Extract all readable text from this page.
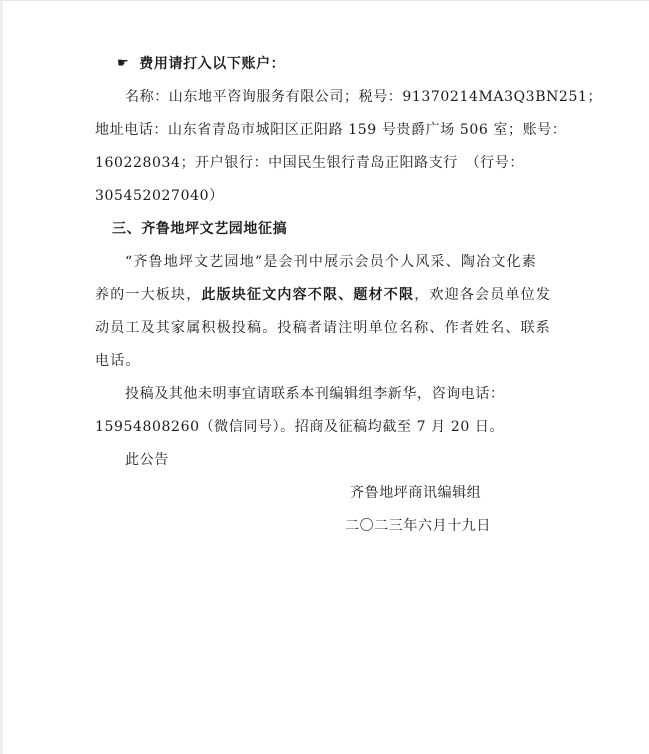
☛ 费用请打入以下账户：
名称：山东地平咨询服务有限公司；税号：91370214MA3Q3BN251；
地址电话：山东省青岛市城阳区正阳路 159 号贵爵广场 506 室；账号：
160228034；开户银行：中国民生银行青岛正阳路支行　（行号：
305452027040）
三、齐鲁地坪文艺园地征搞
“齐鲁地坪文艺园地”是会刊中展示会员个人风采、陶冶文化素
养的一大板块，此版块征文内容不限、题材不限，欢迎各会员单位发
动员工及其家属积极投稿。投稿者请注明单位名称、作者姓名、联系
电话。
投稿及其他未明事宜请联系本刊编辑组李新华，咨询电话：
15954808260（微信同号）。招商及征稿均截至 7 月 20 日。
此公告
齐鲁地坪商讯编辑组
二〇二三年六月十九日
